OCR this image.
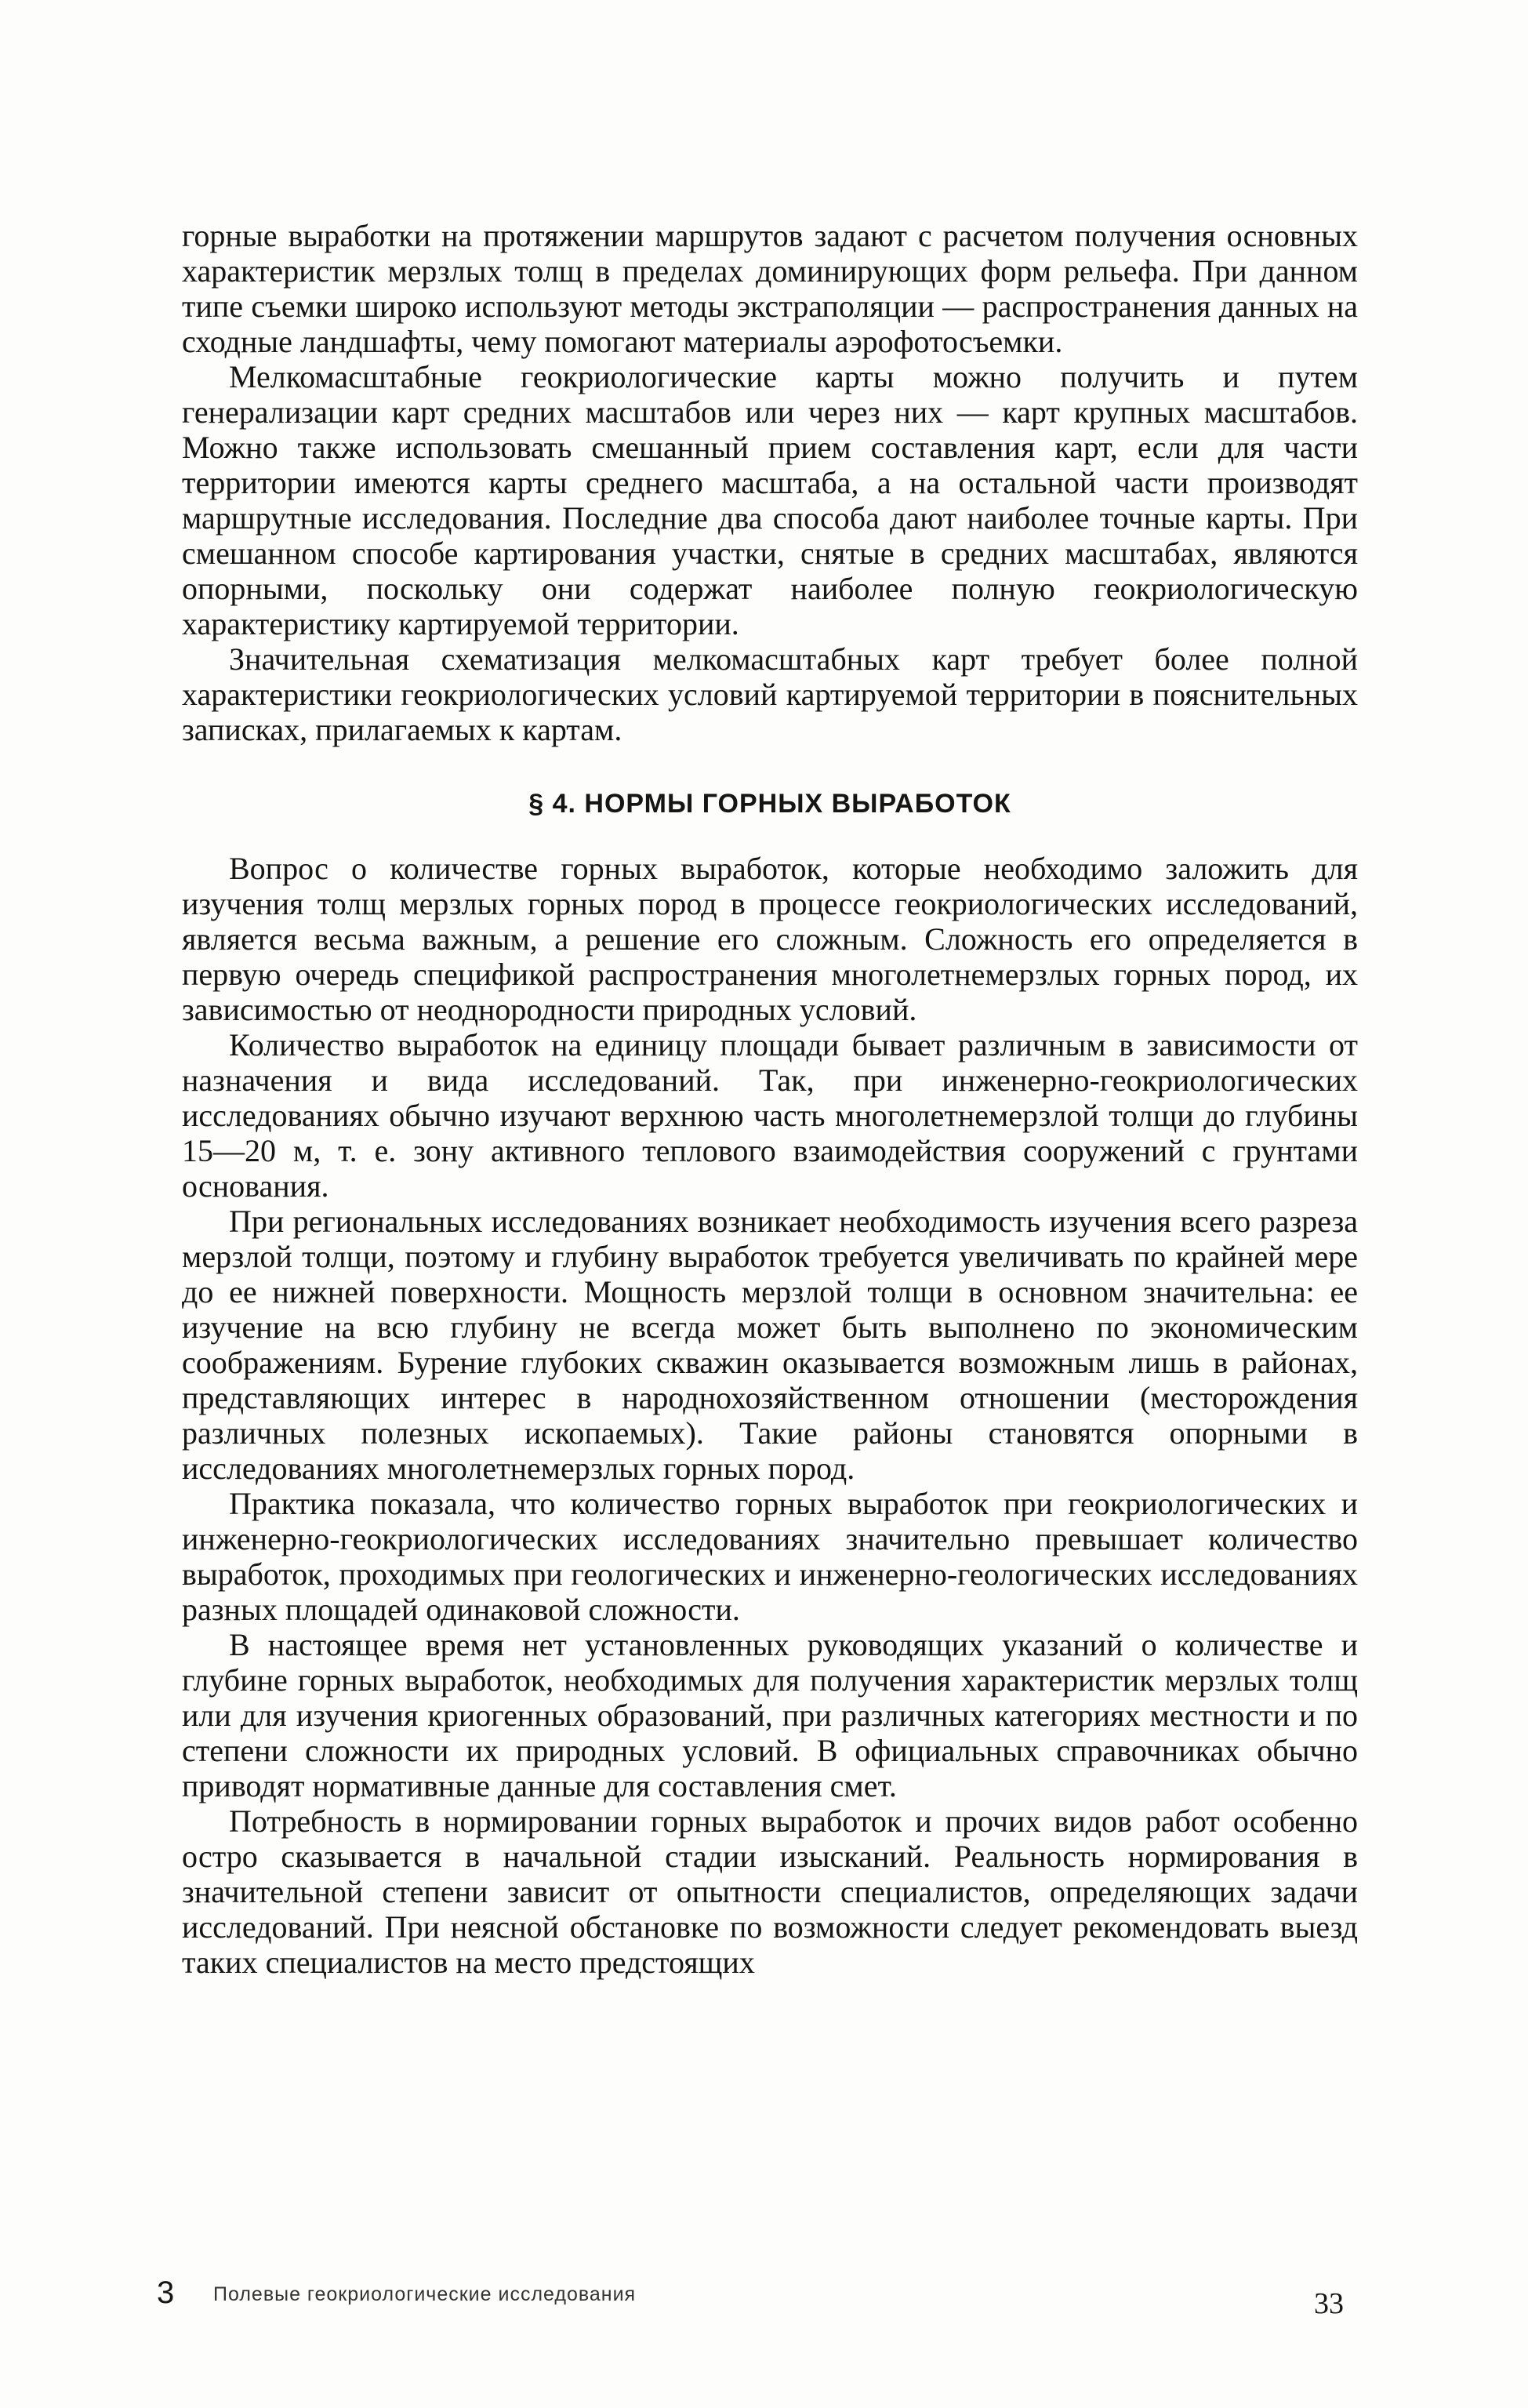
горные выработки на протяжении маршрутов задают с расчетом получения основных характеристик мерзлых толщ в пределах доминирующих форм рельефа. При данном типе съемки широко используют методы экстраполяции — распространения данных на сходные ландшафты, чему помогают материалы аэрофотосъемки.

Мелкомасштабные геокриологические карты можно получить и путем генерализации карт средних масштабов или через них — карт крупных масштабов. Можно также использовать смешанный прием составления карт, если для части территории имеются карты среднего масштаба, а на остальной части производят маршрутные исследования. Последние два способа дают наиболее точные карты. При смешанном способе картирования участки, снятые в средних масштабах, являются опорными, поскольку они содержат наиболее полную геокриологическую характеристику картируемой территории.

Значительная схематизация мелкомасштабных карт требует более полной характеристики геокриологических условий картируемой территории в пояснительных записках, прилагаемых к картам.

§ 4. НОРМЫ ГОРНЫХ ВЫРАБОТОК

Вопрос о количестве горных выработок, которые необходимо заложить для изучения толщ мерзлых горных пород в процессе геокриологических исследований, является весьма важным, а решение его сложным. Сложность его определяется в первую очередь спецификой распространения многолетнемерзлых горных пород, их зависимостью от неоднородности природных условий.

Количество выработок на единицу площади бывает различным в зависимости от назначения и вида исследований. Так, при инженерно-геокриологических исследованиях обычно изучают верхнюю часть многолетнемерзлой толщи до глубины 15—20 м, т. е. зону активного теплового взаимодействия сооружений с грунтами основания.

При региональных исследованиях возникает необходимость изучения всего разреза мерзлой толщи, поэтому и глубину выработок требуется увеличивать по крайней мере до ее нижней поверхности. Мощность мерзлой толщи в основном значительна: ее изучение на всю глубину не всегда может быть выполнено по экономическим соображениям. Бурение глубоких скважин оказывается возможным лишь в районах, представляющих интерес в народнохозяйственном отношении (месторождения различных полезных ископаемых). Такие районы становятся опорными в исследованиях многолетнемерзлых горных пород.

Практика показала, что количество горных выработок при геокриологических и инженерно-геокриологических исследованиях значительно превышает количество выработок, проходимых при геологических и инженерно-геологических исследованиях разных площадей одинаковой сложности.

В настоящее время нет установленных руководящих указаний о количестве и глубине горных выработок, необходимых для получения характеристик мерзлых толщ или для изучения криогенных образований, при различных категориях местности и по степени сложности их природных условий. В официальных справочниках обычно приводят нормативные данные для составления смет.

Потребность в нормировании горных выработок и прочих видов работ особенно остро сказывается в начальной стадии изысканий. Реальность нормирования в значительной степени зависит от опытности специалистов, определяющих задачи исследований. При неясной обстановке по возможности следует рекомендовать выезд таких специалистов на место предстоящих

3 Полевые геокриологические исследования	33
